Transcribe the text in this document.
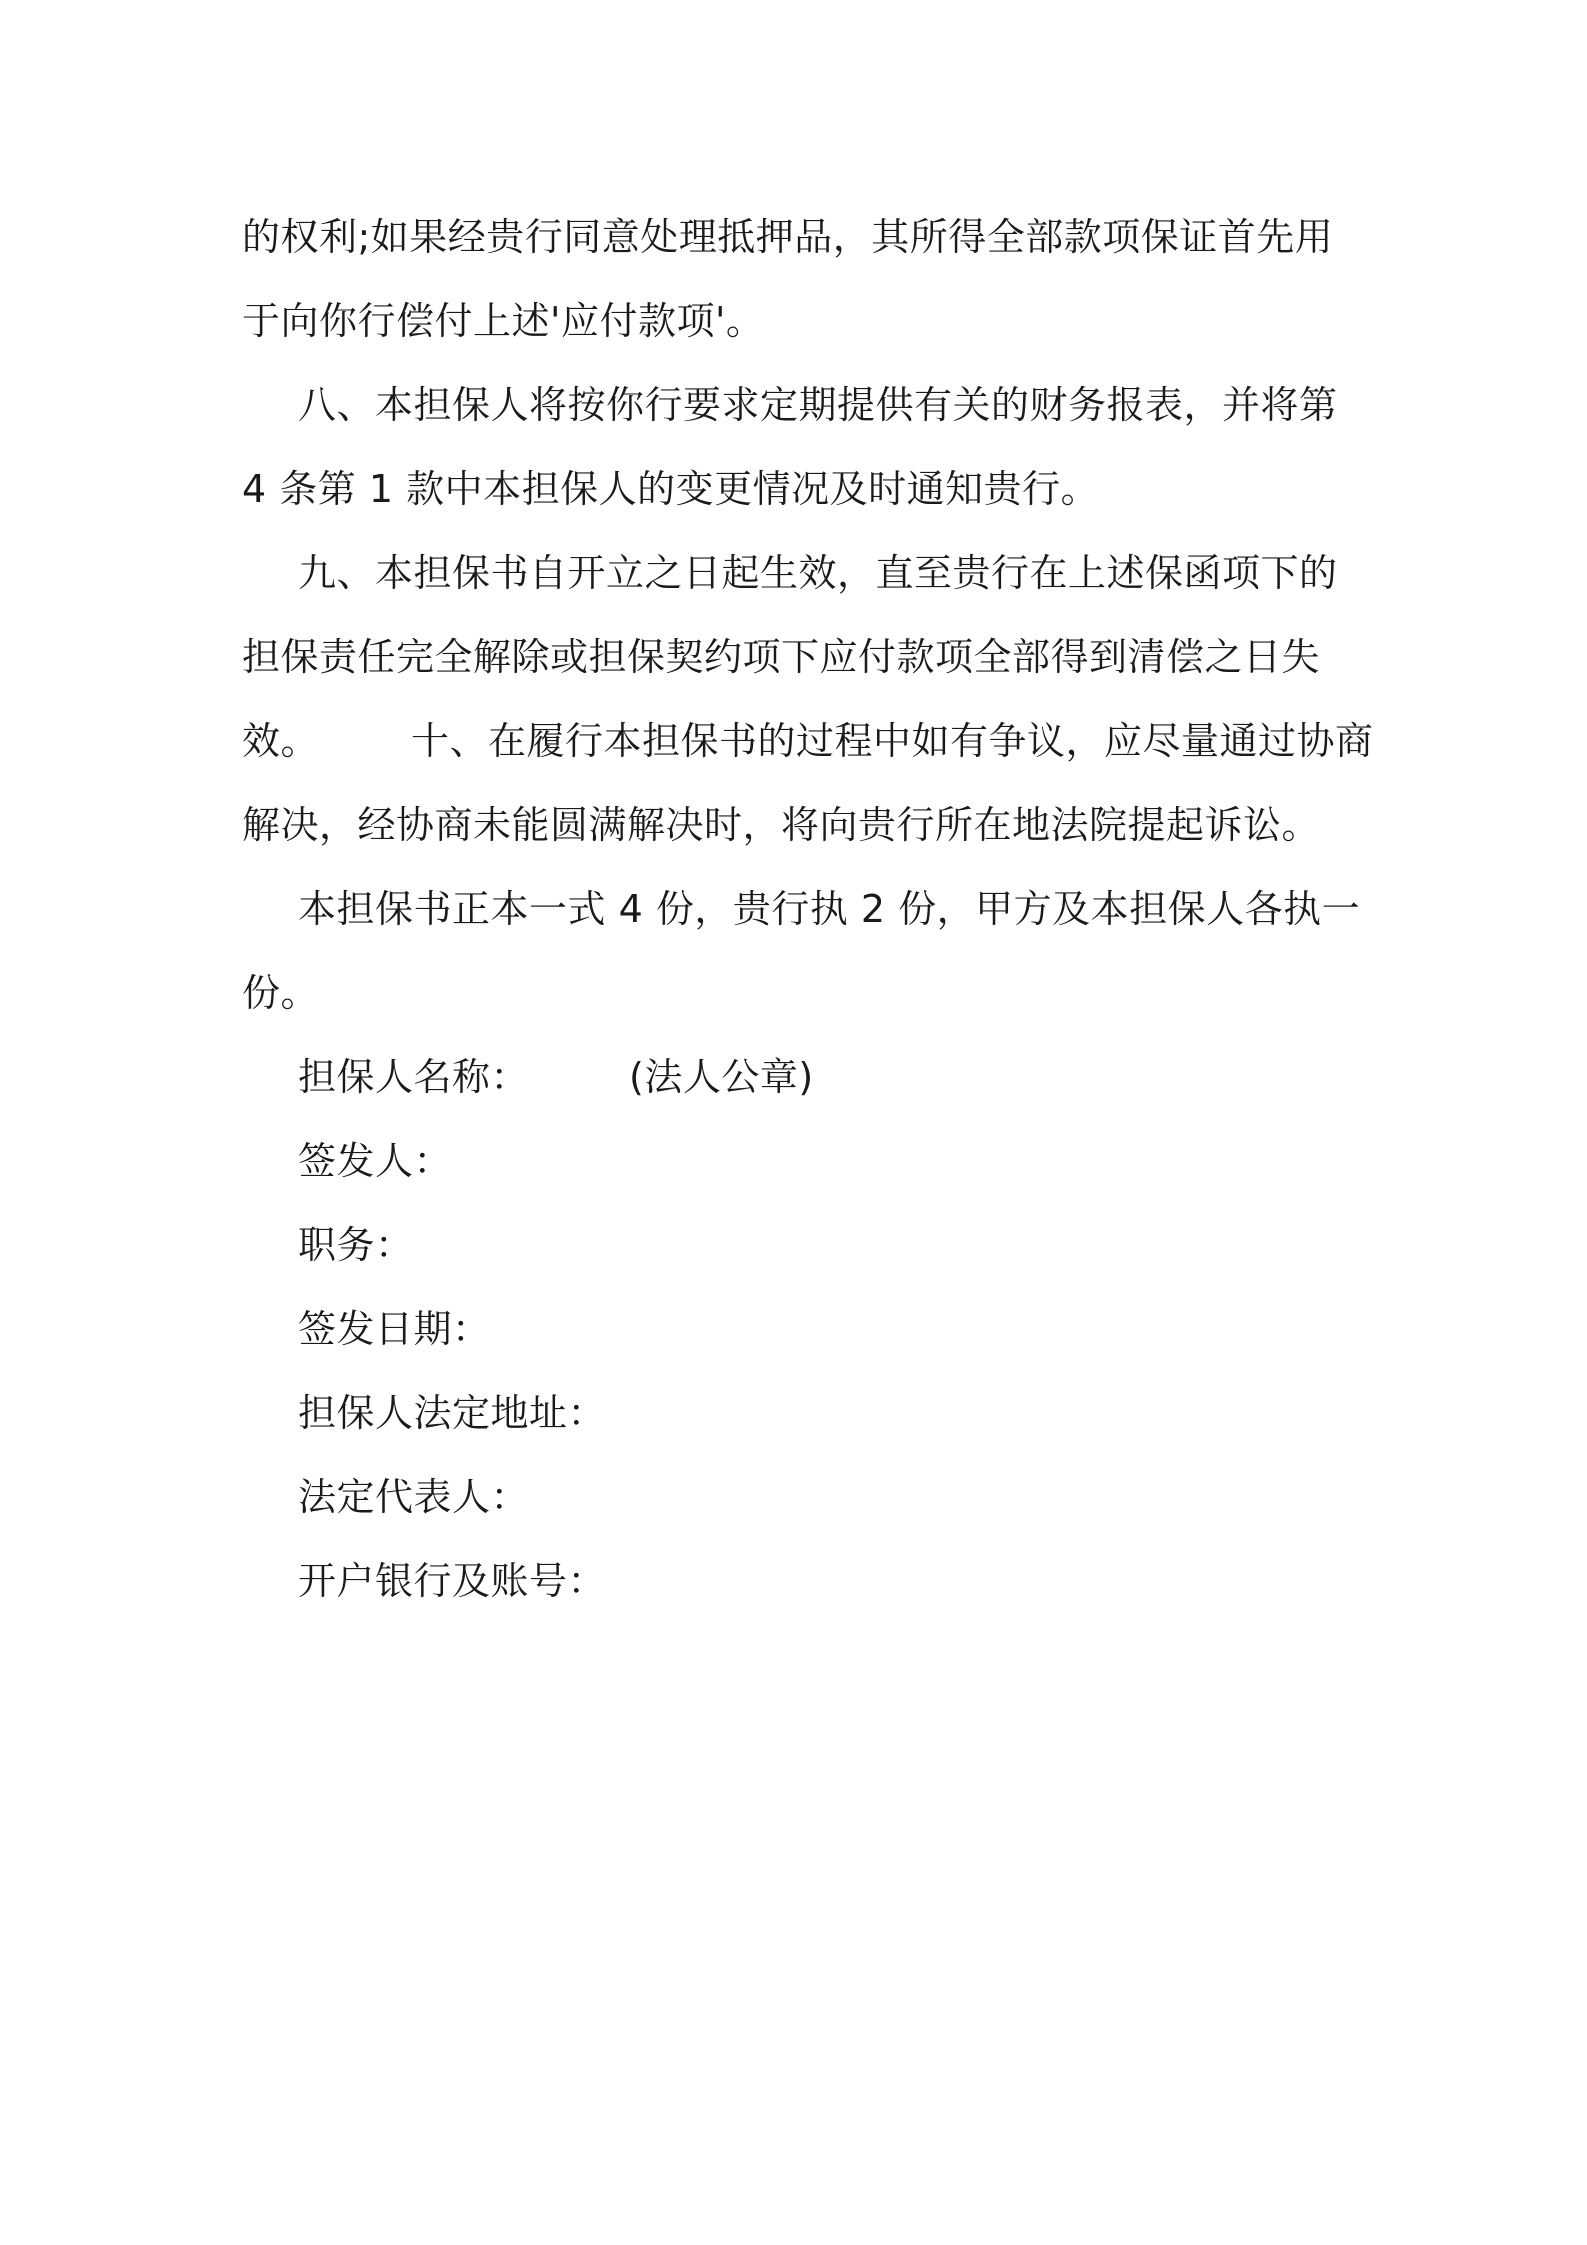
的权利;如果经贵行同意处理抵押品，其所得全部款项保证首先用
于向你行偿付上述'应付款项'。
八、本担保人将按你行要求定期提供有关的财务报表，并将第
4 条第 1 款中本担保人的变更情况及时通知贵行。
九、本担保书自开立之日起生效，直至贵行在上述保函项下的
担保责任完全解除或担保契约项下应付款项全部得到清偿之日失
效。 十、在履行本担保书的过程中如有争议，应尽量通过协商
解决，经协商未能圆满解决时，将向贵行所在地法院提起诉讼。
本担保书正本一式 4 份，贵行执 2 份，甲方及本担保人各执一
份。
担保人名称：	(法人公章)
签发人：
职务：
签发日期：
担保人法定地址：
法定代表人：
开户银行及账号：
